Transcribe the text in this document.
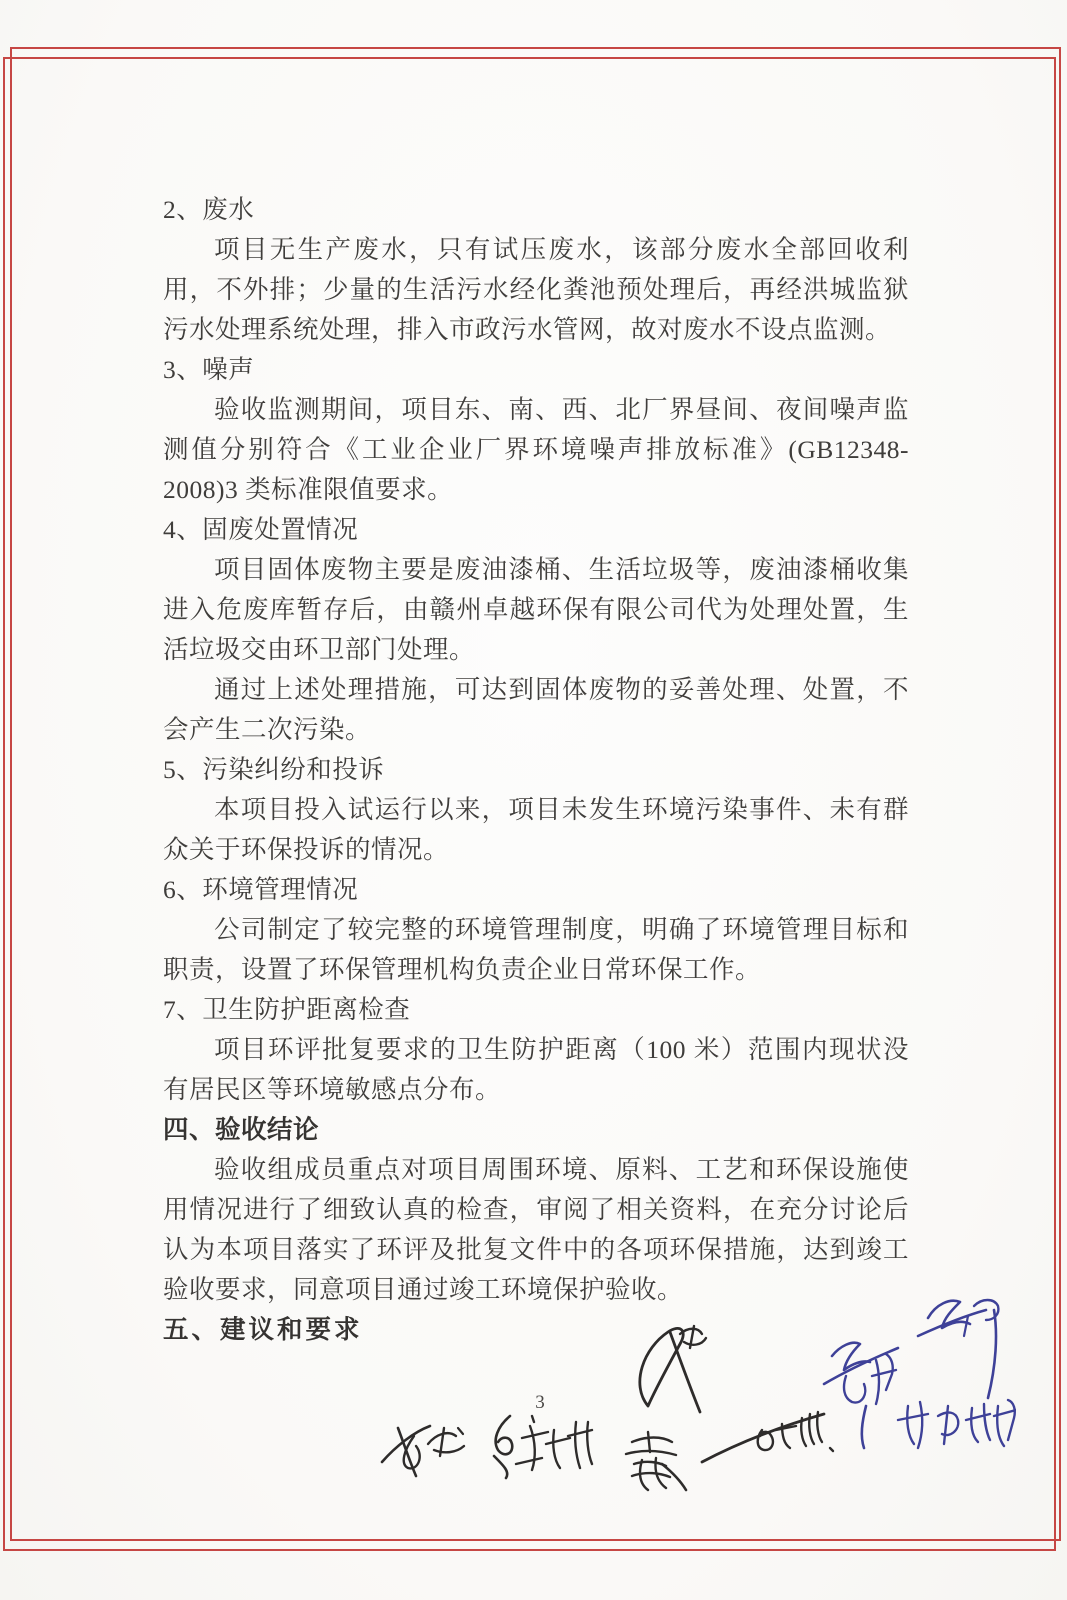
2、废水

项目无生产废水，只有试压废水，该部分废水全部回收利用，不外排；少量的生活污水经化粪池预处理后，再经洪城监狱污水处理系统处理，排入市政污水管网，故对废水不设点监测。

3、噪声

验收监测期间，项目东、南、西、北厂界昼间、夜间噪声监测值分别符合《工业企业厂界环境噪声排放标准》(GB12348-2008)3 类标准限值要求。

4、固废处置情况

项目固体废物主要是废油漆桶、生活垃圾等，废油漆桶收集进入危废库暂存后，由赣州卓越环保有限公司代为处理处置，生活垃圾交由环卫部门处理。

通过上述处理措施，可达到固体废物的妥善处理、处置，不会产生二次污染。

5、污染纠纷和投诉

本项目投入试运行以来，项目未发生环境污染事件、未有群众关于环保投诉的情况。

6、环境管理情况

公司制定了较完整的环境管理制度，明确了环境管理目标和职责，设置了环保管理机构负责企业日常环保工作。

7、卫生防护距离检查

项目环评批复要求的卫生防护距离（100 米）范围内现状没有居民区等环境敏感点分布。

四、验收结论

验收组成员重点对项目周围环境、原料、工艺和环保设施使用情况进行了细致认真的检查，审阅了相关资料，在充分讨论后认为本项目落实了环评及批复文件中的各项环保措施，达到竣工验收要求，同意项目通过竣工环境保护验收。

五、建议和要求

3
